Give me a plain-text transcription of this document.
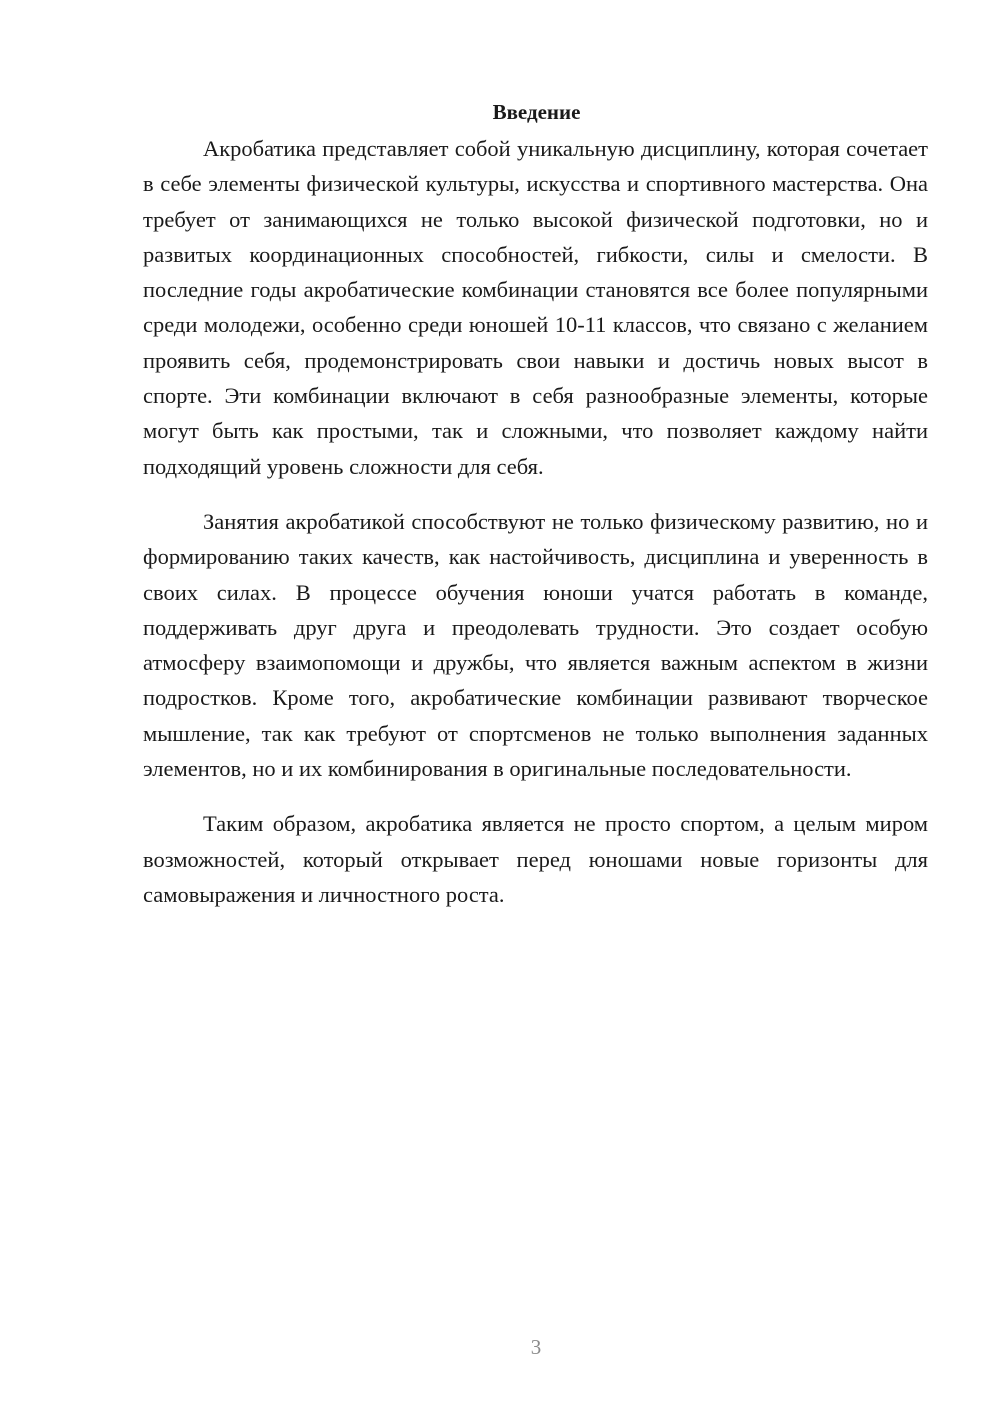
Введение

Акробатика представляет собой уникальную дисциплину, которая сочетает в себе элементы физической культуры, искусства и спортивного мастерства. Она требует от занимающихся не только высокой физической подготовки, но и развитых координационных способностей, гибкости, силы и смелости. В последние годы акробатические комбинации становятся все более популярными среди молодежи, особенно среди юношей 10-11 классов, что связано с желанием проявить себя, продемонстрировать свои навыки и достичь новых высот в спорте. Эти комбинации включают в себя разнообразные элементы, которые могут быть как простыми, так и сложными, что позволяет каждому найти подходящий уровень сложности для себя.

Занятия акробатикой способствуют не только физическому развитию, но и формированию таких качеств, как настойчивость, дисциплина и уверенность в своих силах. В процессе обучения юноши учатся работать в команде, поддерживать друг друга и преодолевать трудности. Это создает особую атмосферу взаимопомощи и дружбы, что является важным аспектом в жизни подростков. Кроме того, акробатические комбинации развивают творческое мышление, так как требуют от спортсменов не только выполнения заданных элементов, но и их комбинирования в оригинальные последовательности.

Таким образом, акробатика является не просто спортом, а целым миром возможностей, который открывает перед юношами новые горизонты для самовыражения и личностного роста.

3
